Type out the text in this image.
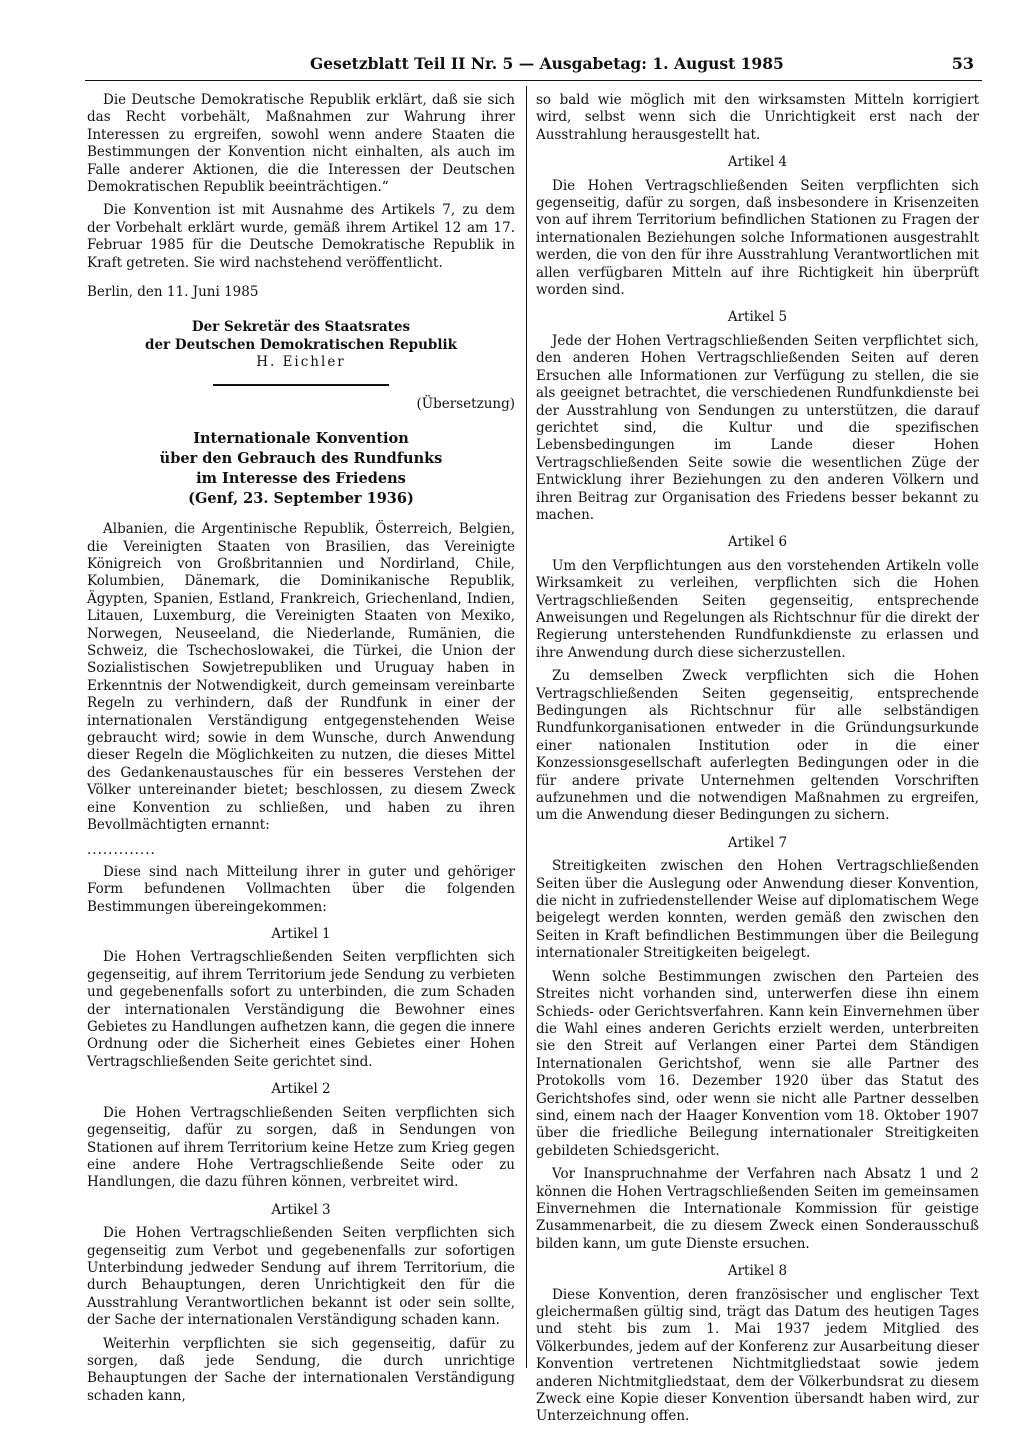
Gesetzblatt Teil II Nr. 5 — Ausgabetag: 1. August 1985	53

Die Deutsche Demokratische Republik erklärt, daß sie sich das Recht vorbehält, Maßnahmen zur Wahrung ihrer Interessen zu ergreifen, sowohl wenn andere Staaten die Bestimmungen der Konvention nicht einhalten, als auch im Falle anderer Aktionen, die die Interessen der Deutschen Demokratischen Republik beeinträchtigen.“

Die Konvention ist mit Ausnahme des Artikels 7, zu dem der Vorbehalt erklärt wurde, gemäß ihrem Artikel 12 am 17. Februar 1985 für die Deutsche Demokratische Republik in Kraft getreten. Sie wird nachstehend veröffentlicht.

Berlin, den 11. Juni 1985

Der Sekretär des Staatsrates
der Deutschen Demokratischen Republik
H. Eichler
(Übersetzung)
Internationale Konvention
über den Gebrauch des Rundfunks
im Interesse des Friedens
(Genf, 23. September 1936)

Albanien, die Argentinische Republik, Österreich, Belgien, die Vereinigten Staaten von Brasilien, das Vereinigte Königreich von Großbritannien und Nordirland, Chile, Kolumbien, Dänemark, die Dominikanische Republik, Ägypten, Spanien, Estland, Frankreich, Griechenland, Indien, Litauen, Luxemburg, die Vereinigten Staaten von Mexiko, Norwegen, Neuseeland, die Niederlande, Rumänien, die Schweiz, die Tschechoslowakei, die Türkei, die Union der Sozialistischen Sowjetrepubliken und Uruguay haben in Erkenntnis der Notwendigkeit, durch gemeinsam vereinbarte Regeln zu verhindern, daß der Rundfunk in einer der internationalen Verständigung entgegenstehenden Weise gebraucht wird; sowie in dem Wunsche, durch Anwendung dieser Regeln die Möglichkeiten zu nutzen, die dieses Mittel des Gedankenaustausches für ein besseres Verstehen der Völker untereinander bietet; beschlossen, zu diesem Zweck eine Konvention zu schließen, und haben zu ihren Bevollmächtigten ernannt:

.............

Diese sind nach Mitteilung ihrer in guter und gehöriger Form befundenen Vollmachten über die folgenden Bestimmungen übereingekommen:

Artikel 1

Die Hohen Vertragschließenden Seiten verpflichten sich gegenseitig, auf ihrem Territorium jede Sendung zu verbieten und gegebenenfalls sofort zu unterbinden, die zum Schaden der internationalen Verständigung die Bewohner eines Gebietes zu Handlungen aufhetzen kann, die gegen die innere Ordnung oder die Sicherheit eines Gebietes einer Hohen Vertragschließenden Seite gerichtet sind.

Artikel 2

Die Hohen Vertragschließenden Seiten verpflichten sich gegenseitig, dafür zu sorgen, daß in Sendungen von Stationen auf ihrem Territorium keine Hetze zum Krieg gegen eine andere Hohe Vertragschließende Seite oder zu Handlungen, die dazu führen können, verbreitet wird.

Artikel 3

Die Hohen Vertragschließenden Seiten verpflichten sich gegenseitig zum Verbot und gegebenenfalls zur sofortigen Unterbindung jedweder Sendung auf ihrem Territorium, die durch Behauptungen, deren Unrichtigkeit den für die Ausstrahlung Verantwortlichen bekannt ist oder sein sollte, der Sache der internationalen Verständigung schaden kann.

Weiterhin verpflichten sie sich gegenseitig, dafür zu sorgen, daß jede Sendung, die durch unrichtige Behauptungen der Sache der internationalen Verständigung schaden kann,

so bald wie möglich mit den wirksamsten Mitteln korrigiert wird, selbst wenn sich die Unrichtigkeit erst nach der Ausstrahlung herausgestellt hat.

Artikel 4

Die Hohen Vertragschließenden Seiten verpflichten sich gegenseitig, dafür zu sorgen, daß insbesondere in Krisenzeiten von auf ihrem Territorium befindlichen Stationen zu Fragen der internationalen Beziehungen solche Informationen ausgestrahlt werden, die von den für ihre Ausstrahlung Verantwortlichen mit allen verfügbaren Mitteln auf ihre Richtigkeit hin überprüft worden sind.

Artikel 5

Jede der Hohen Vertragschließenden Seiten verpflichtet sich, den anderen Hohen Vertragschließenden Seiten auf deren Ersuchen alle Informationen zur Verfügung zu stellen, die sie als geeignet betrachtet, die verschiedenen Rundfunkdienste bei der Ausstrahlung von Sendungen zu unterstützen, die darauf gerichtet sind, die Kultur und die spezifischen Lebensbedingungen im Lande dieser Hohen Vertragschließenden Seite sowie die wesentlichen Züge der Entwicklung ihrer Beziehungen zu den anderen Völkern und ihren Beitrag zur Organisation des Friedens besser bekannt zu machen.

Artikel 6

Um den Verpflichtungen aus den vorstehenden Artikeln volle Wirksamkeit zu verleihen, verpflichten sich die Hohen Vertragschließenden Seiten gegenseitig, entsprechende Anweisungen und Regelungen als Richtschnur für die direkt der Regierung unterstehenden Rundfunkdienste zu erlassen und ihre Anwendung durch diese sicherzustellen.

Zu demselben Zweck verpflichten sich die Hohen Vertragschließenden Seiten gegenseitig, entsprechende Bedingungen als Richtschnur für alle selbständigen Rundfunkorganisationen entweder in die Gründungsurkunde einer nationalen Institution oder in die einer Konzessionsgesellschaft auferlegten Bedingungen oder in die für andere private Unternehmen geltenden Vorschriften aufzunehmen und die notwendigen Maßnahmen zu ergreifen, um die Anwendung dieser Bedingungen zu sichern.

Artikel 7

Streitigkeiten zwischen den Hohen Vertragschließenden Seiten über die Auslegung oder Anwendung dieser Konvention, die nicht in zufriedenstellender Weise auf diplomatischem Wege beigelegt werden konnten, werden gemäß den zwischen den Seiten in Kraft befindlichen Bestimmungen über die Beilegung internationaler Streitigkeiten beigelegt.

Wenn solche Bestimmungen zwischen den Parteien des Streites nicht vorhanden sind, unterwerfen diese ihn einem Schieds- oder Gerichtsverfahren. Kann kein Einvernehmen über die Wahl eines anderen Gerichts erzielt werden, unterbreiten sie den Streit auf Verlangen einer Partei dem Ständigen Internationalen Gerichtshof, wenn sie alle Partner des Protokolls vom 16. Dezember 1920 über das Statut des Gerichtshofes sind, oder wenn sie nicht alle Partner desselben sind, einem nach der Haager Konvention vom 18. Oktober 1907 über die friedliche Beilegung internationaler Streitigkeiten gebildeten Schiedsgericht.

Vor Inanspruchnahme der Verfahren nach Absatz 1 und 2 können die Hohen Vertragschließenden Seiten im gemeinsamen Einvernehmen die Internationale Kommission für geistige Zusammenarbeit, die zu diesem Zweck einen Sonderausschuß bilden kann, um gute Dienste ersuchen.

Artikel 8

Diese Konvention, deren französischer und englischer Text gleichermaßen gültig sind, trägt das Datum des heutigen Tages und steht bis zum 1. Mai 1937 jedem Mitglied des Völkerbundes, jedem auf der Konferenz zur Ausarbeitung dieser Konvention vertretenen Nichtmitgliedstaat sowie jedem anderen Nichtmitgliedstaat, dem der Völkerbundsrat zu diesem Zweck eine Kopie dieser Konvention übersandt haben wird, zur Unterzeichnung offen.
